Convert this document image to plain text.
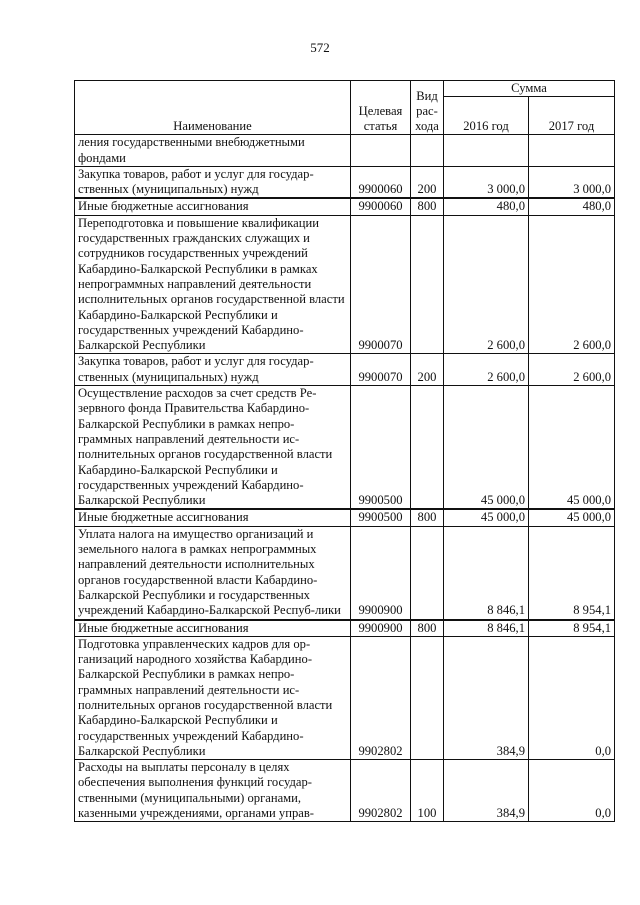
572
Наименование	Целевая статья	Вид рас-хода	Сумма	
			2016 год	2017 год
ления государственными внебюджетными фондами				
Закупка товаров, работ и услуг для государ-ственных (муниципальных) нужд	9900060	200	3 000,0	3 000,0
Иные бюджетные ассигнования	9900060	800	480,0	480,0
Переподготовка и повышение квалификации государственных гражданских служащих и сотрудников государственных учреждений Кабардино-Балкарской Республики в рамках непрограммных направлений деятельности исполнительных органов государственной власти Кабардино-Балкарской Республики и государственных учреждений Кабардино-Балкарской Республики	9900070		2 600,0	2 600,0
Закупка товаров, работ и услуг для государ-ственных (муниципальных) нужд	9900070	200	2 600,0	2 600,0
Осуществление расходов за счет средств Ре-зервного фонда Правительства Кабардино-Балкарской Республики в рамках непро-граммных направлений деятельности ис-полнительных органов государственной власти Кабардино-Балкарской Республики и государственных учреждений Кабардино-Балкарской Республики	9900500		45 000,0	45 000,0
Иные бюджетные ассигнования	9900500	800	45 000,0	45 000,0
Уплата налога на имущество организаций и земельного налога в рамках непрограммных направлений деятельности исполнительных органов государственной власти Кабардино-Балкарской Республики и государственных учреждений Кабардино-Балкарской Респуб-лики	9900900		8 846,1	8 954,1
Иные бюджетные ассигнования	9900900	800	8 846,1	8 954,1
Подготовка управленческих кадров для ор-ганизаций народного хозяйства Кабардино-Балкарской Республики в рамках непро-граммных направлений деятельности ис-полнительных органов государственной власти Кабардино-Балкарской Республики и государственных учреждений Кабардино-Балкарской Республики	9902802		384,9	0,0
Расходы на выплаты персоналу в целях обеспечения выполнения функций государ-ственными (муниципальными) органами, казенными учреждениями, органами управ-	9902802	100	384,9	0,0
